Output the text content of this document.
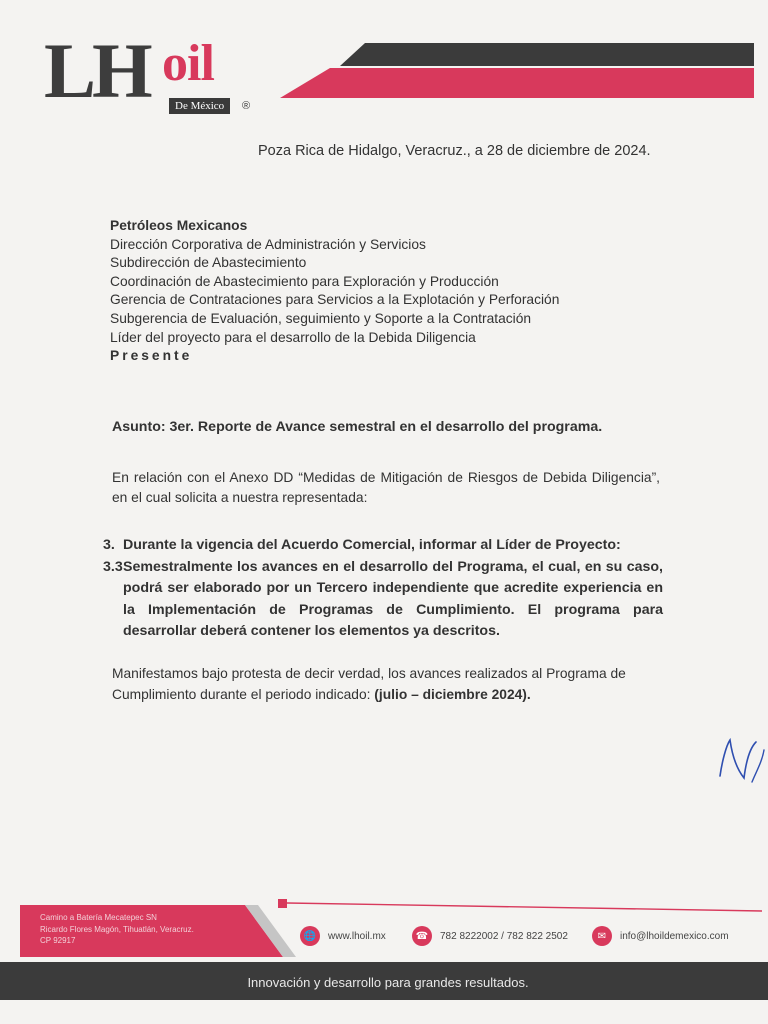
LH oil
De México	®
Poza Rica de Hidalgo, Veracruz., a 28 de diciembre de 2024.
Petróleos Mexicanos
Dirección Corporativa de Administración y Servicios
Subdirección de Abastecimiento
Coordinación de Abastecimiento para Exploración y Producción
Gerencia de Contrataciones para Servicios a la Explotación y Perforación
Subgerencia de Evaluación, seguimiento y Soporte a la Contratación
Líder del proyecto para el desarrollo de la Debida Diligencia
Presente
Asunto: 3er. Reporte de Avance semestral en el desarrollo del programa.
En relación con el Anexo DD “Medidas de Mitigación de Riesgos de Debida Diligencia”, en el cual solicita a nuestra representada:
3. Durante la vigencia del Acuerdo Comercial, informar al Líder de Proyecto:
3.3 Semestralmente los avances en el desarrollo del Programa, el cual, en su caso, podrá ser elaborado por un Tercero independiente que acredite experiencia en la Implementación de Programas de Cumplimiento. El programa para desarrollar deberá contener los elementos ya descritos.
Manifestamos bajo protesta de decir verdad, los avances realizados al Programa de Cumplimiento durante el periodo indicado: (julio – diciembre 2024).
Camino a Batería Mecatepec SN
Ricardo Flores Magón, Tihuatlán, Veracruz.
CP 92917	🌐	www.lhoil.mx	☎	782 8222002 / 782 822 2502	✉	info@lhoildemexico.com
Innovación y desarrollo para grandes resultados.
